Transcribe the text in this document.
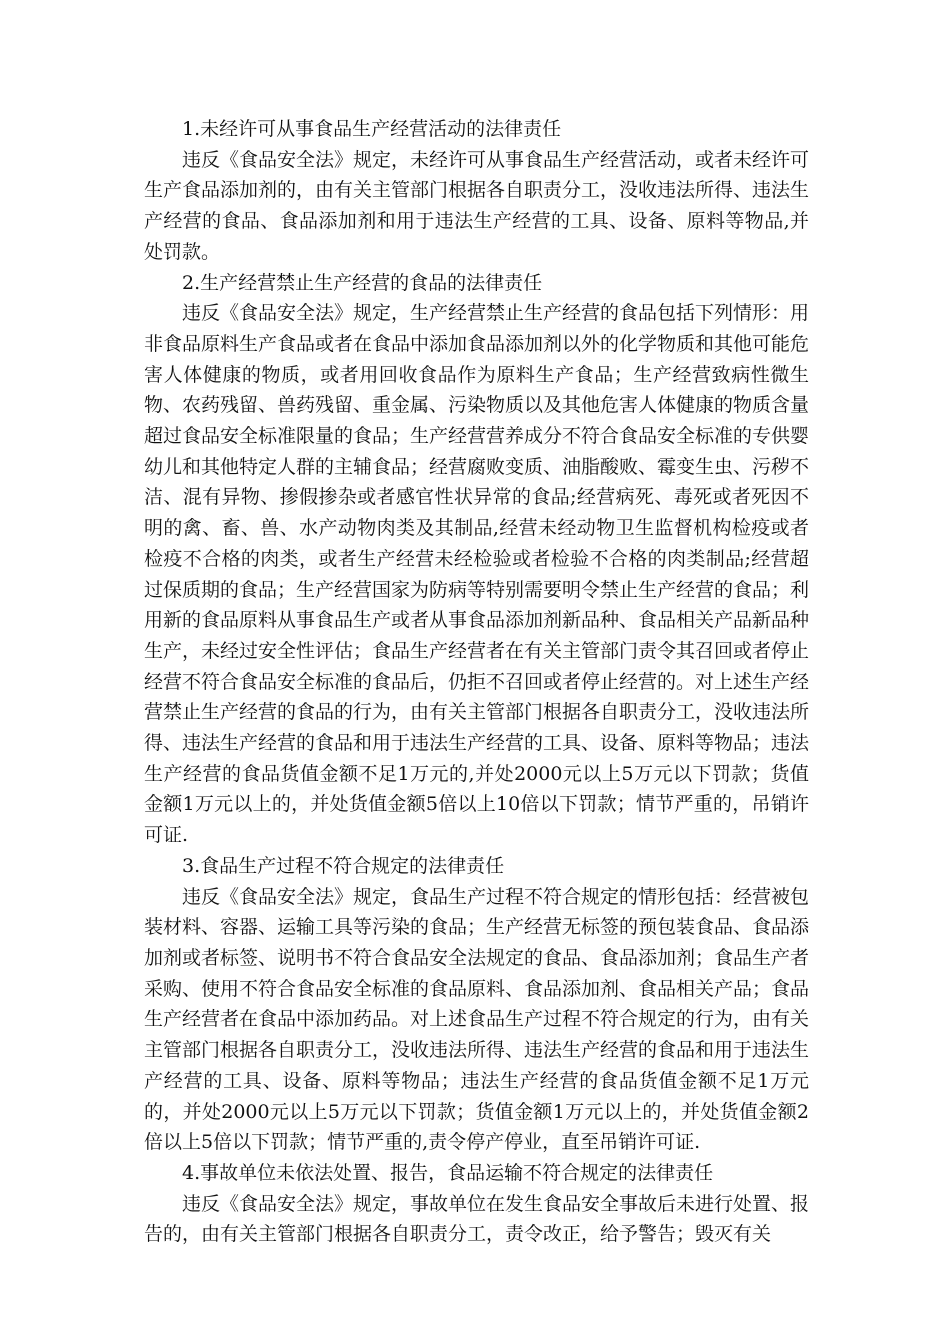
1.未经许可从事食品生产经营活动的法律责任

违反《食品安全法》规定，未经许可从事食品生产经营活动，或者未经许可生产食品添加剂的，由有关主管部门根据各自职责分工，没收违法所得、违法生产经营的食品、食品添加剂和用于违法生产经营的工具、设备、原料等物品,并处罚款。

2.生产经营禁止生产经营的食品的法律责任

违反《食品安全法》规定，生产经营禁止生产经营的食品包括下列情形：用非食品原料生产食品或者在食品中添加食品添加剂以外的化学物质和其他可能危害人体健康的物质，或者用回收食品作为原料生产食品；生产经营致病性微生物、农药残留、兽药残留、重金属、污染物质以及其他危害人体健康的物质含量超过食品安全标准限量的食品；生产经营营养成分不符合食品安全标准的专供婴幼儿和其他特定人群的主辅食品；经营腐败变质、油脂酸败、霉变生虫、污秽不洁、混有异物、掺假掺杂或者感官性状异常的食品;经营病死、毒死或者死因不明的禽、畜、兽、水产动物肉类及其制品,经营未经动物卫生监督机构检疫或者检疫不合格的肉类，或者生产经营未经检验或者检验不合格的肉类制品;经营超过保质期的食品；生产经营国家为防病等特别需要明令禁止生产经营的食品；利用新的食品原料从事食品生产或者从事食品添加剂新品种、食品相关产品新品种生产，未经过安全性评估；食品生产经营者在有关主管部门责令其召回或者停止经营不符合食品安全标准的食品后，仍拒不召回或者停止经营的。对上述生产经营禁止生产经营的食品的行为，由有关主管部门根据各自职责分工，没收违法所得、违法生产经营的食品和用于违法生产经营的工具、设备、原料等物品；违法生产经营的食品货值金额不足1万元的,并处2000元以上5万元以下罚款；货值金额1万元以上的，并处货值金额5倍以上10倍以下罚款；情节严重的，吊销许可证.

3.食品生产过程不符合规定的法律责任

违反《食品安全法》规定，食品生产过程不符合规定的情形包括：经营被包装材料、容器、运输工具等污染的食品；生产经营无标签的预包装食品、食品添加剂或者标签、说明书不符合食品安全法规定的食品、食品添加剂；食品生产者采购、使用不符合食品安全标准的食品原料、食品添加剂、食品相关产品；食品生产经营者在食品中添加药品。对上述食品生产过程不符合规定的行为，由有关主管部门根据各自职责分工，没收违法所得、违法生产经营的食品和用于违法生产经营的工具、设备、原料等物品；违法生产经营的食品货值金额不足1万元的，并处2000元以上5万元以下罚款；货值金额1万元以上的，并处货值金额2倍以上5倍以下罚款；情节严重的,责令停产停业，直至吊销许可证.

4.事故单位未依法处置、报告，食品运输不符合规定的法律责任

违反《食品安全法》规定，事故单位在发生食品安全事故后未进行处置、报告的，由有关主管部门根据各自职责分工，责令改正，给予警告；毁灭有关
